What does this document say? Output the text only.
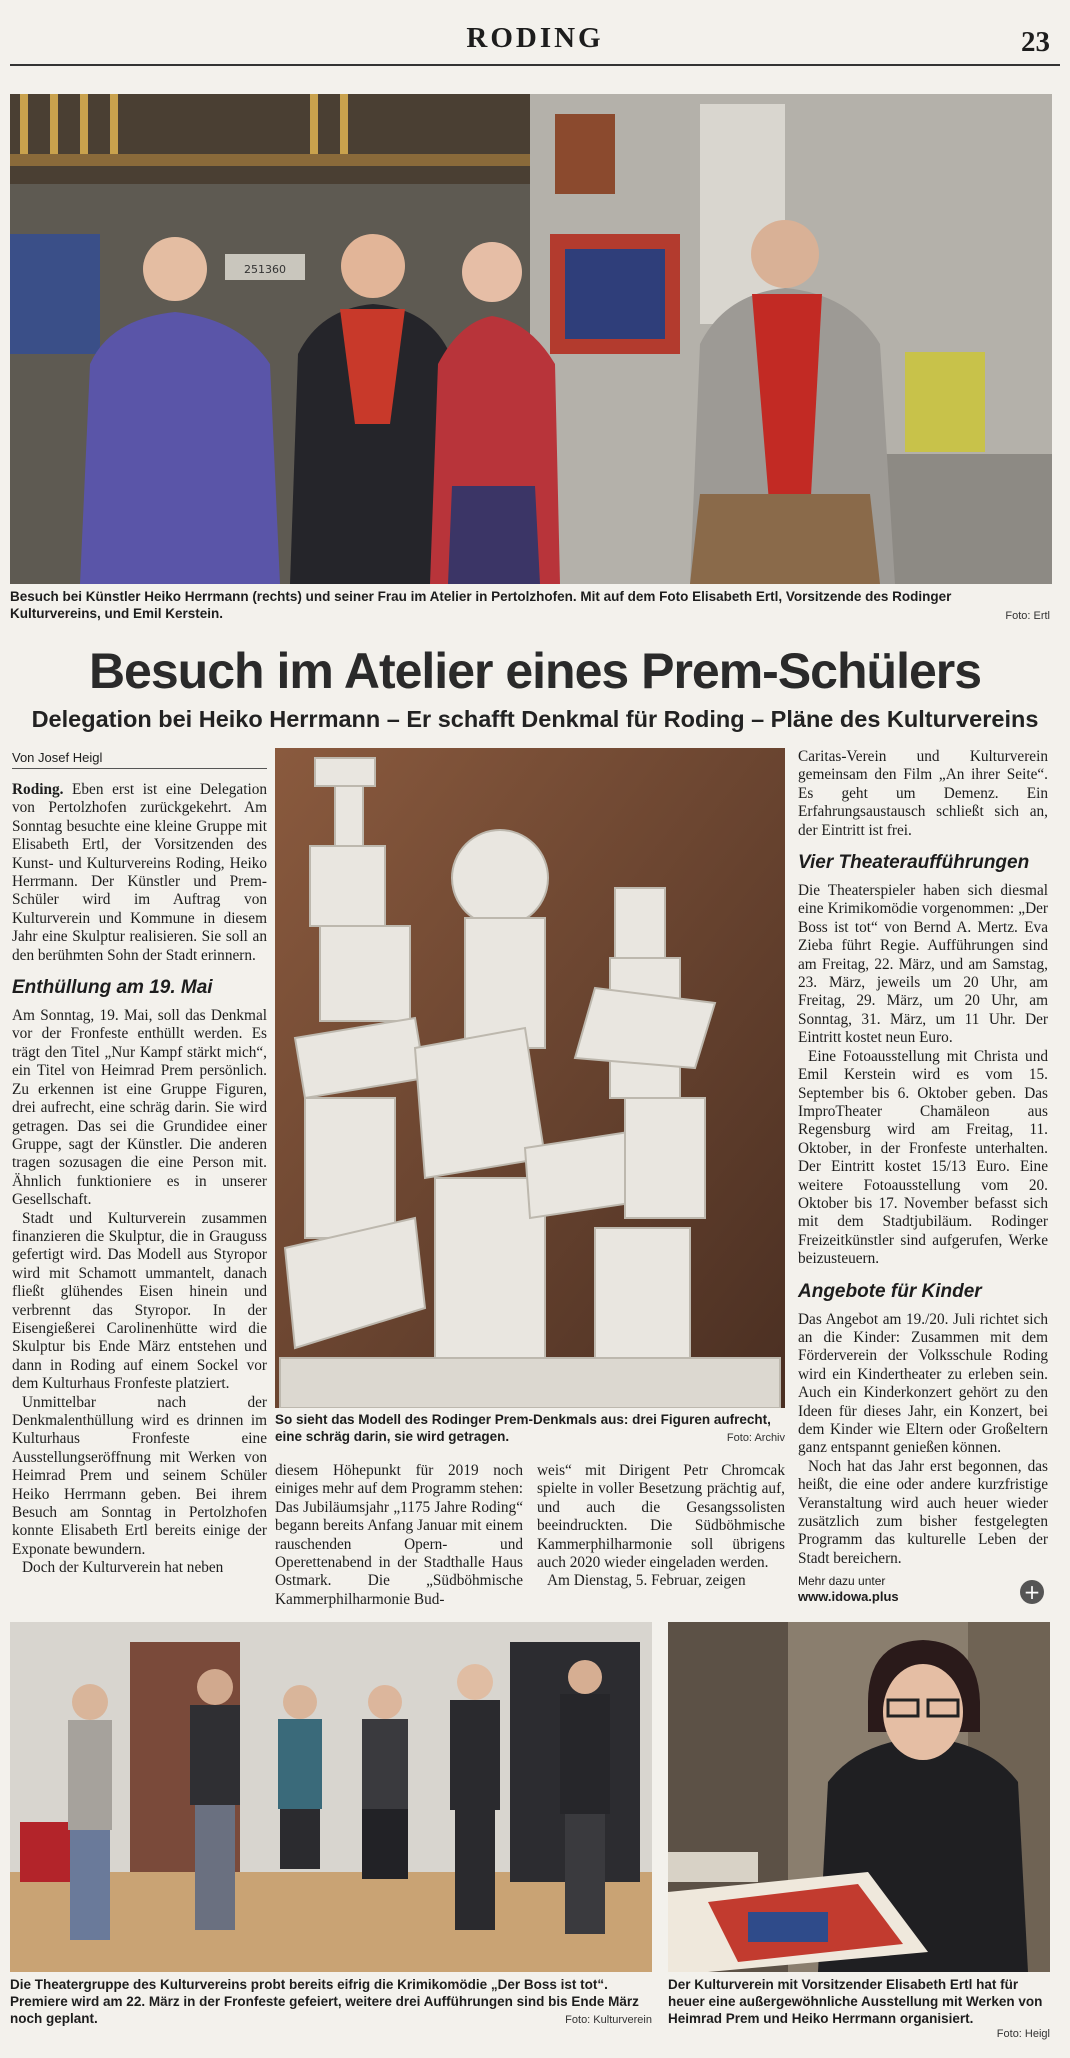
RODING	23
251360
Besuch bei Künstler Heiko Herrmann (rechts) und seiner Frau im Atelier in Pertolzhofen. Mit auf dem Foto Elisabeth Ertl, Vorsitzende des Rodinger Kulturvereins, und Emil Kerstein.	Foto: Ertl
Besuch im Atelier eines Prem-Schülers
Delegation bei Heiko Herrmann – Er schafft Denkmal für Roding – Pläne des Kulturvereins
Von Josef Heigl

Roding. Eben erst ist eine Delegation von Pertolzhofen zurückgekehrt. Am Sonntag besuchte eine kleine Gruppe mit Elisabeth Ertl, der Vorsitzenden des Kunst- und Kulturvereins Roding, Heiko Herrmann. Der Künstler und Prem-Schüler wird im Auftrag von Kulturverein und Kommune in diesem Jahr eine Skulptur realisieren. Sie soll an den berühmten Sohn der Stadt erinnern.

Enthüllung am 19. Mai

Am Sonntag, 19. Mai, soll das Denkmal vor der Fronfeste enthüllt werden. Es trägt den Titel „Nur Kampf stärkt mich“, ein Titel von Heimrad Prem persönlich. Zu erkennen ist eine Gruppe Figuren, drei aufrecht, eine schräg darin. Sie wird getragen. Das sei die Grundidee einer Gruppe, sagt der Künstler. Die anderen tragen sozusagen die eine Person mit. Ähnlich funktioniere es in unserer Gesellschaft.

Stadt und Kulturverein zusammen finanzieren die Skulptur, die in Grauguss gefertigt wird. Das Modell aus Styropor wird mit Schamott ummantelt, danach fließt glühendes Eisen hinein und verbrennt das Styropor. In der Eisengießerei Carolinenhütte wird die Skulptur bis Ende März entstehen und dann in Roding auf einem Sockel vor dem Kulturhaus Fronfeste platziert.

Unmittelbar nach der Denkmalenthüllung wird es drinnen im Kulturhaus Fronfeste eine Ausstellungseröffnung mit Werken von Heimrad Prem und seinem Schüler Heiko Herrmann geben. Bei ihrem Besuch am Sonntag in Pertolzhofen konnte Elisabeth Ertl bereits einige der Exponate bewundern.

Doch der Kulturverein hat neben

So sieht das Modell des Rodinger Prem-Denkmals aus: drei Figuren aufrecht, eine schräg darin, sie wird getragen.	Foto: Archiv

diesem Höhepunkt für 2019 noch einiges mehr auf dem Programm stehen: Das Jubiläumsjahr „1175 Jahre Roding“ begann bereits Anfang Januar mit einem rauschenden Opern- und Operettenabend in der Stadthalle Haus Ostmark. Die „Südböhmische Kammerphilharmonie Bud-

weis“ mit Dirigent Petr Chromcak spielte in voller Besetzung prächtig auf, und auch die Gesangssolisten beeindruckten. Die Südböhmische Kammerphilharmonie soll übrigens auch 2020 wieder eingeladen werden.

Am Dienstag, 5. Februar, zeigen

Caritas-Verein und Kulturverein gemeinsam den Film „An ihrer Seite“. Es geht um Demenz. Ein Erfahrungsaustausch schließt sich an, der Eintritt ist frei.

Vier Theateraufführungen

Die Theaterspieler haben sich diesmal eine Krimikomödie vorgenommen: „Der Boss ist tot“ von Bernd A. Mertz. Eva Zieba führt Regie. Aufführungen sind am Freitag, 22. März, und am Samstag, 23. März, jeweils um 20 Uhr, am Freitag, 29. März, um 20 Uhr, am Sonntag, 31. März, um 11 Uhr. Der Eintritt kostet neun Euro.

Eine Fotoausstellung mit Christa und Emil Kerstein wird es vom 15. September bis 6. Oktober geben. Das ImproTheater Chamäleon aus Regensburg wird am Freitag, 11. Oktober, in der Fronfeste unterhalten. Der Eintritt kostet 15/13 Euro. Eine weitere Fotoausstellung vom 20. Oktober bis 17. November befasst sich mit dem Stadtjubiläum. Rodinger Freizeitkünstler sind aufgerufen, Werke beizusteuern.

Angebote für Kinder

Das Angebot am 19./20. Juli richtet sich an die Kinder: Zusammen mit dem Förderverein der Volksschule Roding wird ein Kindertheater zu erleben sein. Auch ein Kinderkonzert gehört zu den Ideen für dieses Jahr, ein Konzert, bei dem Kinder wie Eltern oder Großeltern ganz entspannt genießen können.

Noch hat das Jahr erst begonnen, das heißt, die eine oder andere kurzfristige Veranstaltung wird auch heuer wieder zusätzlich zum bisher festgelegten Programm das kulturelle Leben der Stadt bereichern.

Mehr dazu unter
www.idowa.plus	+
Die Theatergruppe des Kulturvereins probt bereits eifrig die Krimikomödie „Der Boss ist tot“. Premiere wird am 22. März in der Fronfeste gefeiert, weitere drei Aufführungen sind bis Ende März noch geplant.	Foto: Kulturverein
Der Kulturverein mit Vorsitzender Elisabeth Ertl hat für heuer eine außergewöhnliche Ausstellung mit Werken von Heimrad Prem und Heiko Herrmann organisiert.
Foto: Heigl
